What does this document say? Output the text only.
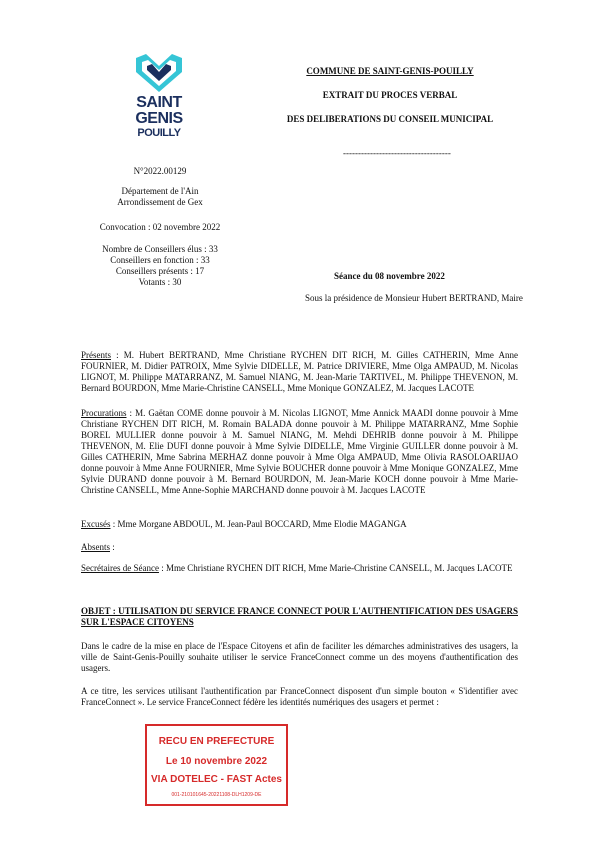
SAINT
GENIS
POUILLY
COMMUNE DE SAINT-GENIS-POUILLY
EXTRAIT DU PROCES VERBAL
DES DELIBERATIONS DU CONSEIL MUNICIPAL
------------------------------------
N°2022.00129
Département de l'Ain
Arrondissement de Gex
Convocation : 02 novembre 2022
Nombre de Conseillers élus : 33
Conseillers en fonction : 33
Conseillers présents : 17
Votants : 30
Séance du 08 novembre 2022
Sous la présidence de Monsieur Hubert BERTRAND, Maire
Présents : M. Hubert BERTRAND, Mme Christiane RYCHEN DIT RICH, M. Gilles CATHERIN, Mme Anne FOURNIER, M. Didier PATROIX, Mme Sylvie DIDELLE, M. Patrice DRIVIERE, Mme Olga AMPAUD, M. Nicolas LIGNOT, M. Philippe MATARRANZ, M. Samuel NIANG, M. Jean-Marie TARTIVEL, M. Philippe THEVENON, M. Bernard BOURDON, Mme Marie-Christine CANSELL, Mme Monique GONZALEZ, M. Jacques LACOTE
Procurations : M. Gaëtan COME donne pouvoir à M. Nicolas LIGNOT, Mme Annick MAADI donne pouvoir à Mme Christiane RYCHEN DIT RICH, M. Romain BALADA donne pouvoir à M. Philippe MATARRANZ, Mme Sophie BOREL MULLIER donne pouvoir à M. Samuel NIANG, M. Mehdi DEHRIB donne pouvoir à M. Philippe THEVENON, M. Elie DUFI donne pouvoir à Mme Sylvie DIDELLE, Mme Virginie GUILLER donne pouvoir à M. Gilles CATHERIN, Mme Sabrina MERHAZ donne pouvoir à Mme Olga AMPAUD, Mme Olivia RASOLOARIJAO donne pouvoir à Mme Anne FOURNIER, Mme Sylvie BOUCHER donne pouvoir à Mme Monique GONZALEZ, Mme Sylvie DURAND donne pouvoir à M. Bernard BOURDON, M. Jean-Marie KOCH donne pouvoir à Mme Marie-Christine CANSELL, Mme Anne-Sophie MARCHAND donne pouvoir à M. Jacques LACOTE
Excusés : Mme Morgane ABDOUL, M. Jean-Paul BOCCARD, Mme Elodie MAGANGA
Absents :
Secrétaires de Séance : Mme Christiane RYCHEN DIT RICH, Mme Marie-Christine CANSELL, M. Jacques LACOTE
OBJET : UTILISATION DU SERVICE FRANCE CONNECT POUR L'AUTHENTIFICATION DES USAGERS SUR L'ESPACE CITOYENS
Dans le cadre de la mise en place de l'Espace Citoyens et afin de faciliter les démarches administratives des usagers, la ville de Saint-Genis-Pouilly souhaite utiliser le service FranceConnect comme un des moyens d'authentification des usagers.
A ce titre, les services utilisant l'authentification par FranceConnect disposent d'un simple bouton « S'identifier avec FranceConnect ». Le service FranceConnect fédère les identités numériques des usagers et permet :
RECU EN PREFECTURE
Le 10 novembre 2022
VIA DOTELEC - FAST Actes
001-210101645-20221108-DLH1209-DE
